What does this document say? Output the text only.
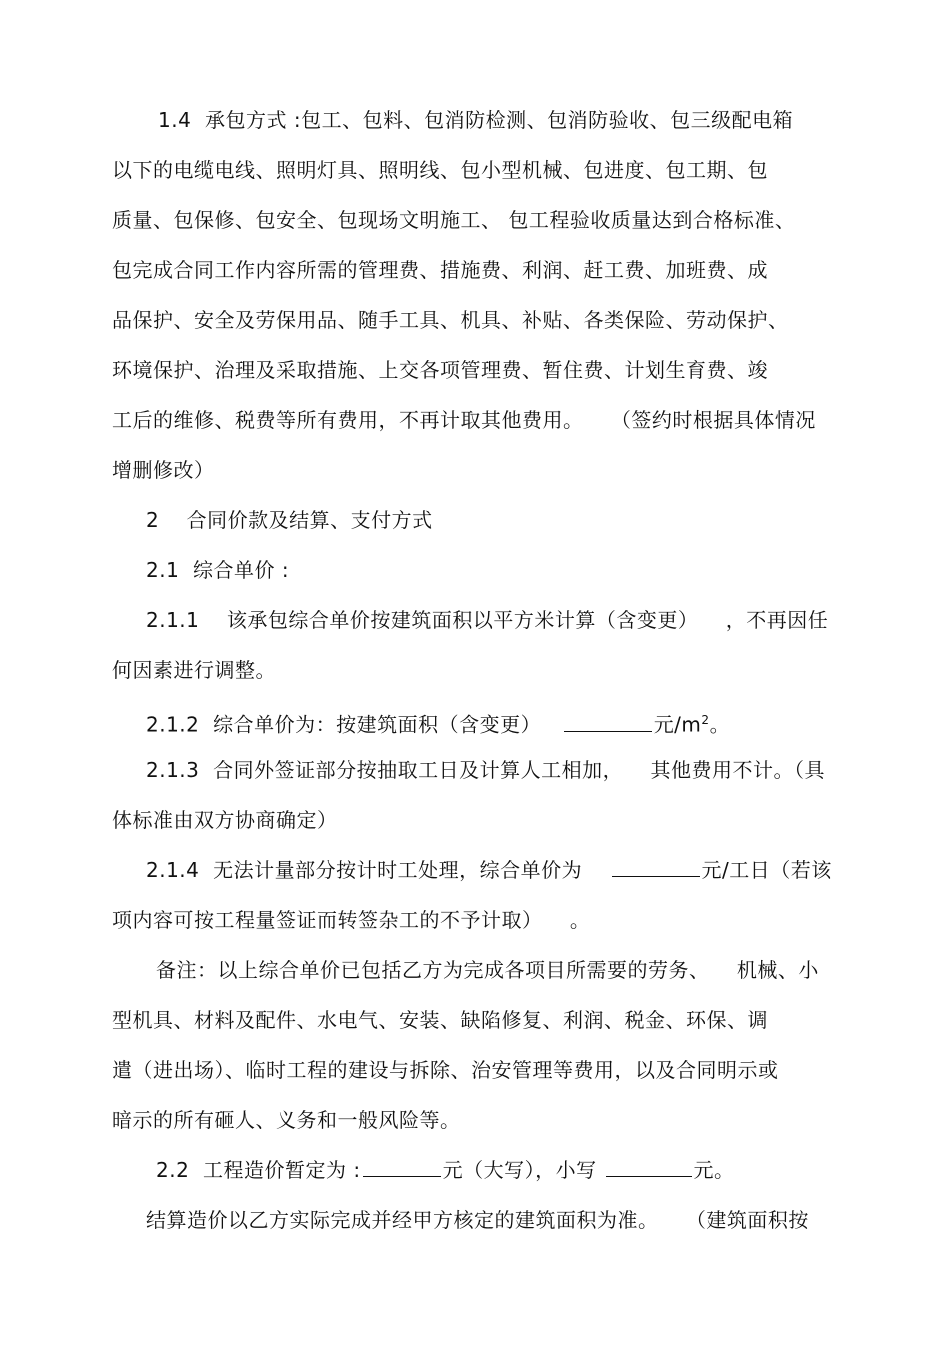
1.4 承包方式 :包工、包料、包消防检测、包消防验收、包三级配电箱
以下的电缆电线、照明灯具、照明线、包小型机械、包进度、包工期、包
质量、包保修、包安全、包现场文明施工、 包工程验收质量达到合格标准、
包完成合同工作内容所需的管理费、措施费、利润、赶工费、加班费、成
品保护、安全及劳保用品、随手工具、机具、补贴、各类保险、劳动保护、
环境保护、治理及采取措施、上交各项管理费、暂住费、计划生育费、竣
工后的维修、税费等所有费用，不再计取其他费用。    （签约时根据具体情况
增删修改）
2 合同价款及结算、支付方式
2.1 综合单价 :
2.1.1 该承包综合单价按建筑面积以平方米计算（含变更）    ，不再因任
何因素进行调整。
2.1.2 综合单价为：按建筑面积（含变更）	元$/m^2$。
2.1.3 合同外签证部分按抽取工日及计算人工相加，    其他费用不计。（具
体标准由双方协商确定）
2.1.4 无法计量部分按计时工处理，综合单价为	元/工日（若该
项内容可按工程量签证而转签杂工的不予计取）    。
备注：以上综合单价已包括乙方为完成各项目所需要的劳务、    机械、小
型机具、材料及配件、水电气、安装、缺陷修复、利润、税金、环保、调
遣（进出场）、临时工程的建设与拆除、治安管理等费用，以及合同明示或
暗示的所有砸人、义务和一般风险等。
2.2 工程造价暂定为 :	元（大写），小写	元。
结算造价以乙方实际完成并经甲方核定的建筑面积为准。    （建筑面积按
